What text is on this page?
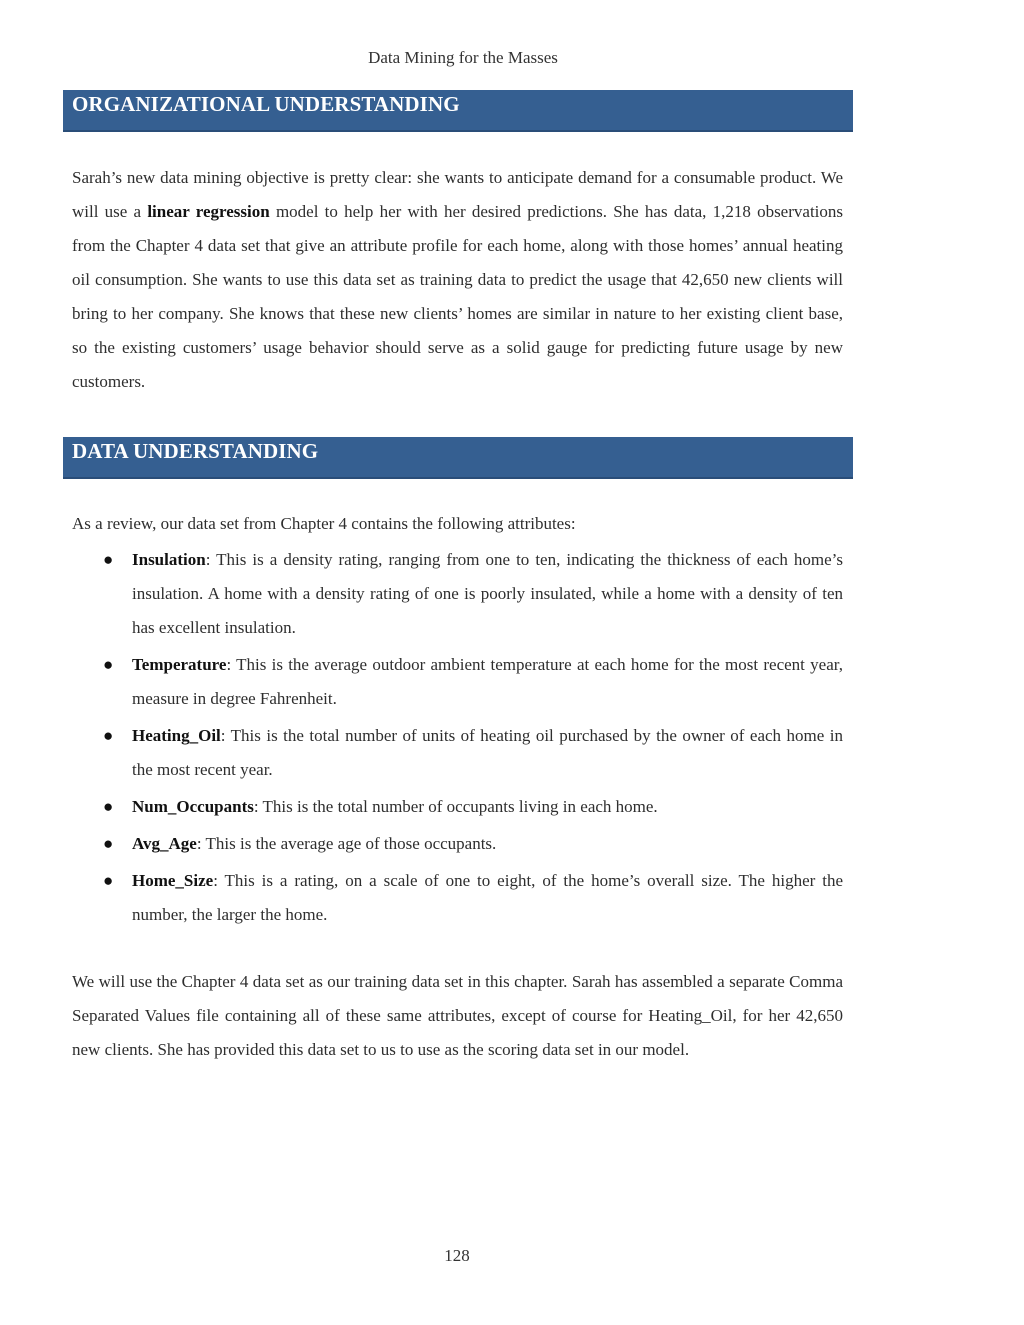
Data Mining for the Masses
ORGANIZATIONAL UNDERSTANDING

Sarah’s new data mining objective is pretty clear: she wants to anticipate demand for a consumable product. We will use a linear regression model to help her with her desired predictions. She has data, 1,218 observations from the Chapter 4 data set that give an attribute profile for each home, along with those homes’ annual heating oil consumption. She wants to use this data set as training data to predict the usage that 42,650 new clients will bring to her company. She knows that these new clients’ homes are similar in nature to her existing client base, so the existing customers’ usage behavior should serve as a solid gauge for predicting future usage by new customers.

DATA UNDERSTANDING

As a review, our data set from Chapter 4 contains the following attributes:

● Insulation: This is a density rating, ranging from one to ten, indicating the thickness of each home’s insulation. A home with a density rating of one is poorly insulated, while a home with a density of ten has excellent insulation.
● Temperature: This is the average outdoor ambient temperature at each home for the most recent year, measure in degree Fahrenheit.
● Heating_Oil: This is the total number of units of heating oil purchased by the owner of each home in the most recent year.
● Num_Occupants: This is the total number of occupants living in each home.
● Avg_Age: This is the average age of those occupants.
● Home_Size: This is a rating, on a scale of one to eight, of the home’s overall size. The higher the number, the larger the home.

We will use the Chapter 4 data set as our training data set in this chapter. Sarah has assembled a separate Comma Separated Values file containing all of these same attributes, except of course for Heating_Oil, for her 42,650 new clients. She has provided this data set to us to use as the scoring data set in our model.

128
